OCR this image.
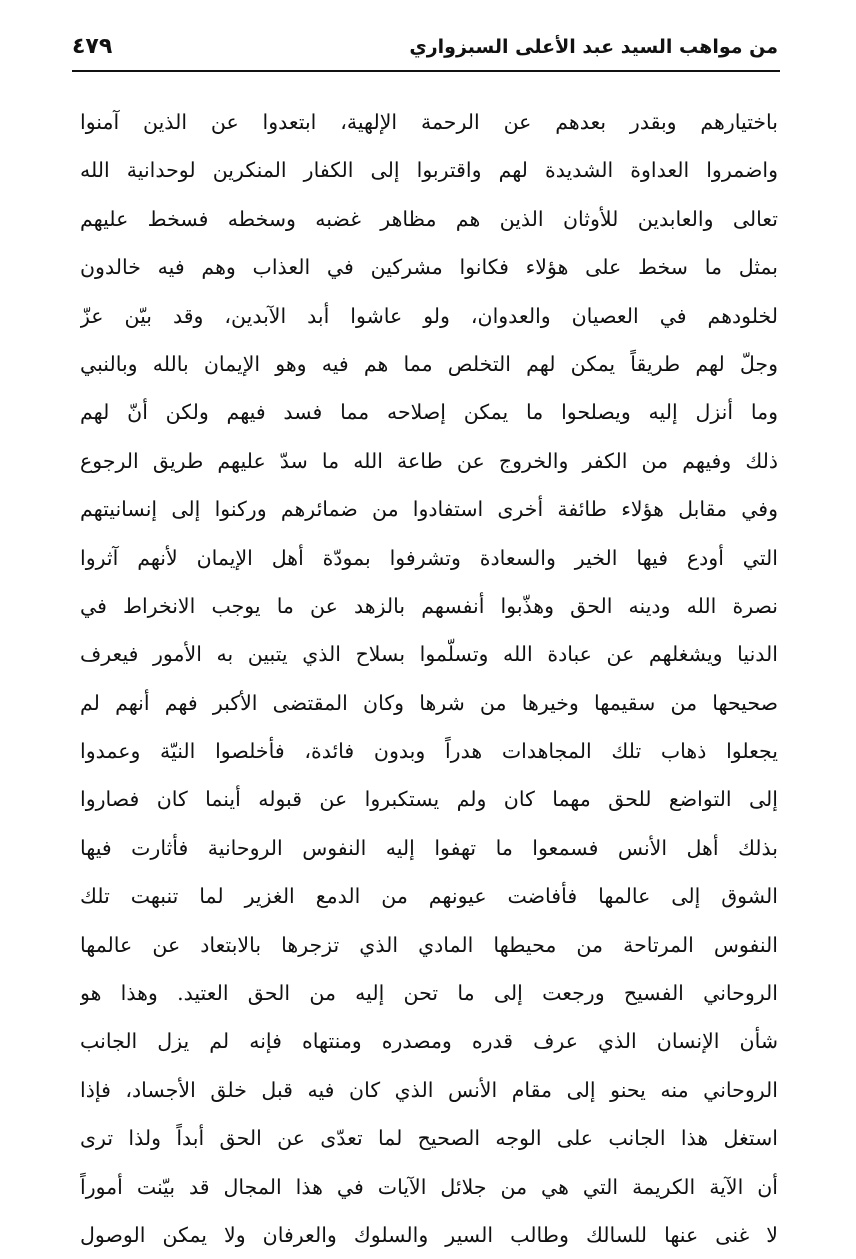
من مواهب السيد عبد الأعلى السبزواري
٤٧٩
باختيارهم وبقدر بعدهم عن الرحمة الإلهية، ابتعدوا عن الذين آمنوا
واضمروا العداوة الشديدة لهم واقتربوا إلى الكفار المنكرين لوحدانية الله
تعالى والعابدين للأوثان الذين هم مظاهر غضبه وسخطه فسخط عليهم
بمثل ما سخط على هؤلاء فكانوا مشركين في العذاب وهم فيه خالدون
لخلودهم في العصيان والعدوان، ولو عاشوا أبد الآبدين، وقد بيّن عزّ
وجلّ لهم طريقاً يمكن لهم التخلص مما هم فيه وهو الإيمان بالله وبالنبي
وما أنزل إليه ويصلحوا ما يمكن إصلاحه مما فسد فيهم ولكن أنّ لهم
ذلك وفيهم من الكفر والخروج عن طاعة الله ما سدّ عليهم طريق الرجوع
وفي مقابل هؤلاء طائفة أخرى استفادوا من ضمائرهم وركنوا إلى إنسانيتهم
التي أودع فيها الخير والسعادة وتشرفوا بمودّة أهل الإيمان لأنهم آثروا
نصرة الله ودينه الحق وهذّبوا أنفسهم بالزهد عن ما يوجب الانخراط في
الدنيا ويشغلهم عن عبادة الله وتسلّموا بسلاح الذي يتبين به الأمور فيعرف
صحيحها من سقيمها وخيرها من شرها وكان المقتضى الأكبر فهم أنهم لم
يجعلوا ذهاب تلك المجاهدات هدراً وبدون فائدة، فأخلصوا النيّة وعمدوا
إلى التواضع للحق مهما كان ولم يستكبروا عن قبوله أينما كان فصاروا
بذلك أهل الأنس فسمعوا ما تهفوا إليه النفوس الروحانية فأثارت فيها
الشوق إلى عالمها فأفاضت عيونهم من الدمع الغزير لما تنبهت تلك
النفوس المرتاحة من محيطها المادي الذي تزجرها بالابتعاد عن عالمها
الروحاني الفسيح ورجعت إلى ما تحن إليه من الحق العتيد. وهذا هو
شأن الإنسان الذي عرف قدره ومصدره ومنتهاه فإنه لم يزل الجانب
الروحاني منه يحنو إلى مقام الأنس الذي كان فيه قبل خلق الأجساد، فإذا
استغل هذا الجانب على الوجه الصحيح لما تعدّى عن الحق أبداً ولذا ترى
أن الآية الكريمة التي هي من جلائل الآيات في هذا المجال قد بيّنت أموراً
لا غنى عنها للسالك وطالب السير والسلوك والعرفان ولا يمكن الوصول
